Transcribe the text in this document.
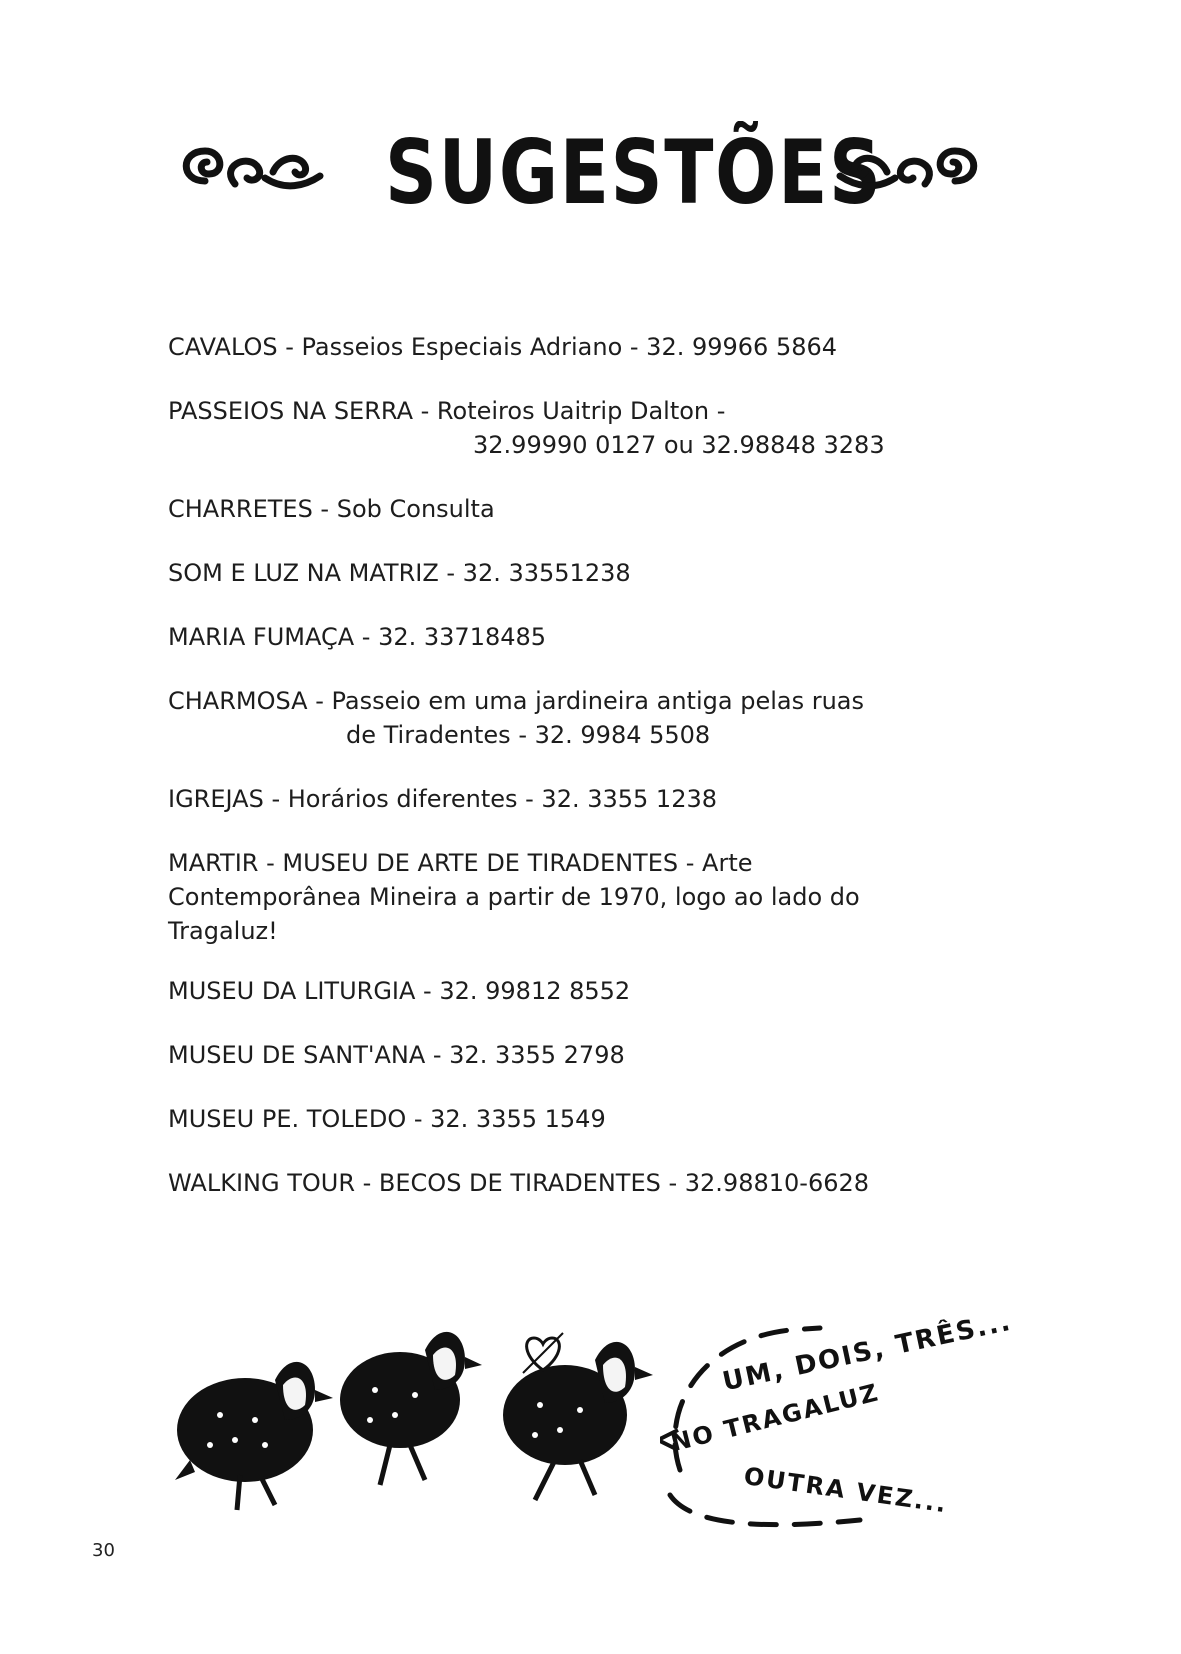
SUGESTÕES
CAVALOS - Passeios Especiais Adriano - 32. 99966 5864
PASSEIOS NA SERRA - Roteiros Uaitrip Dalton -
32.99990 0127 ou 32.98848 3283
CHARRETES - Sob Consulta
SOM E LUZ NA MATRIZ - 32. 33551238
MARIA FUMAÇA - 32. 33718485
CHARMOSA - Passeio em uma jardineira antiga pelas ruas
de Tiradentes - 32. 9984 5508
IGREJAS - Horários diferentes - 32. 3355 1238
MARTIR - MUSEU DE ARTE DE TIRADENTES - Arte
Contemporânea Mineira a partir de 1970, logo ao lado do
Tragaluz!
MUSEU DA LITURGIA - 32. 99812 8552
MUSEU DE SANT'ANA - 32. 3355 2798
MUSEU PE. TOLEDO - 32. 3355 1549
WALKING TOUR - BECOS DE TIRADENTES - 32.98810-6628
UM, DOIS, TRÊS...
NO TRAGALUZ
OUTRA VEZ...
30
